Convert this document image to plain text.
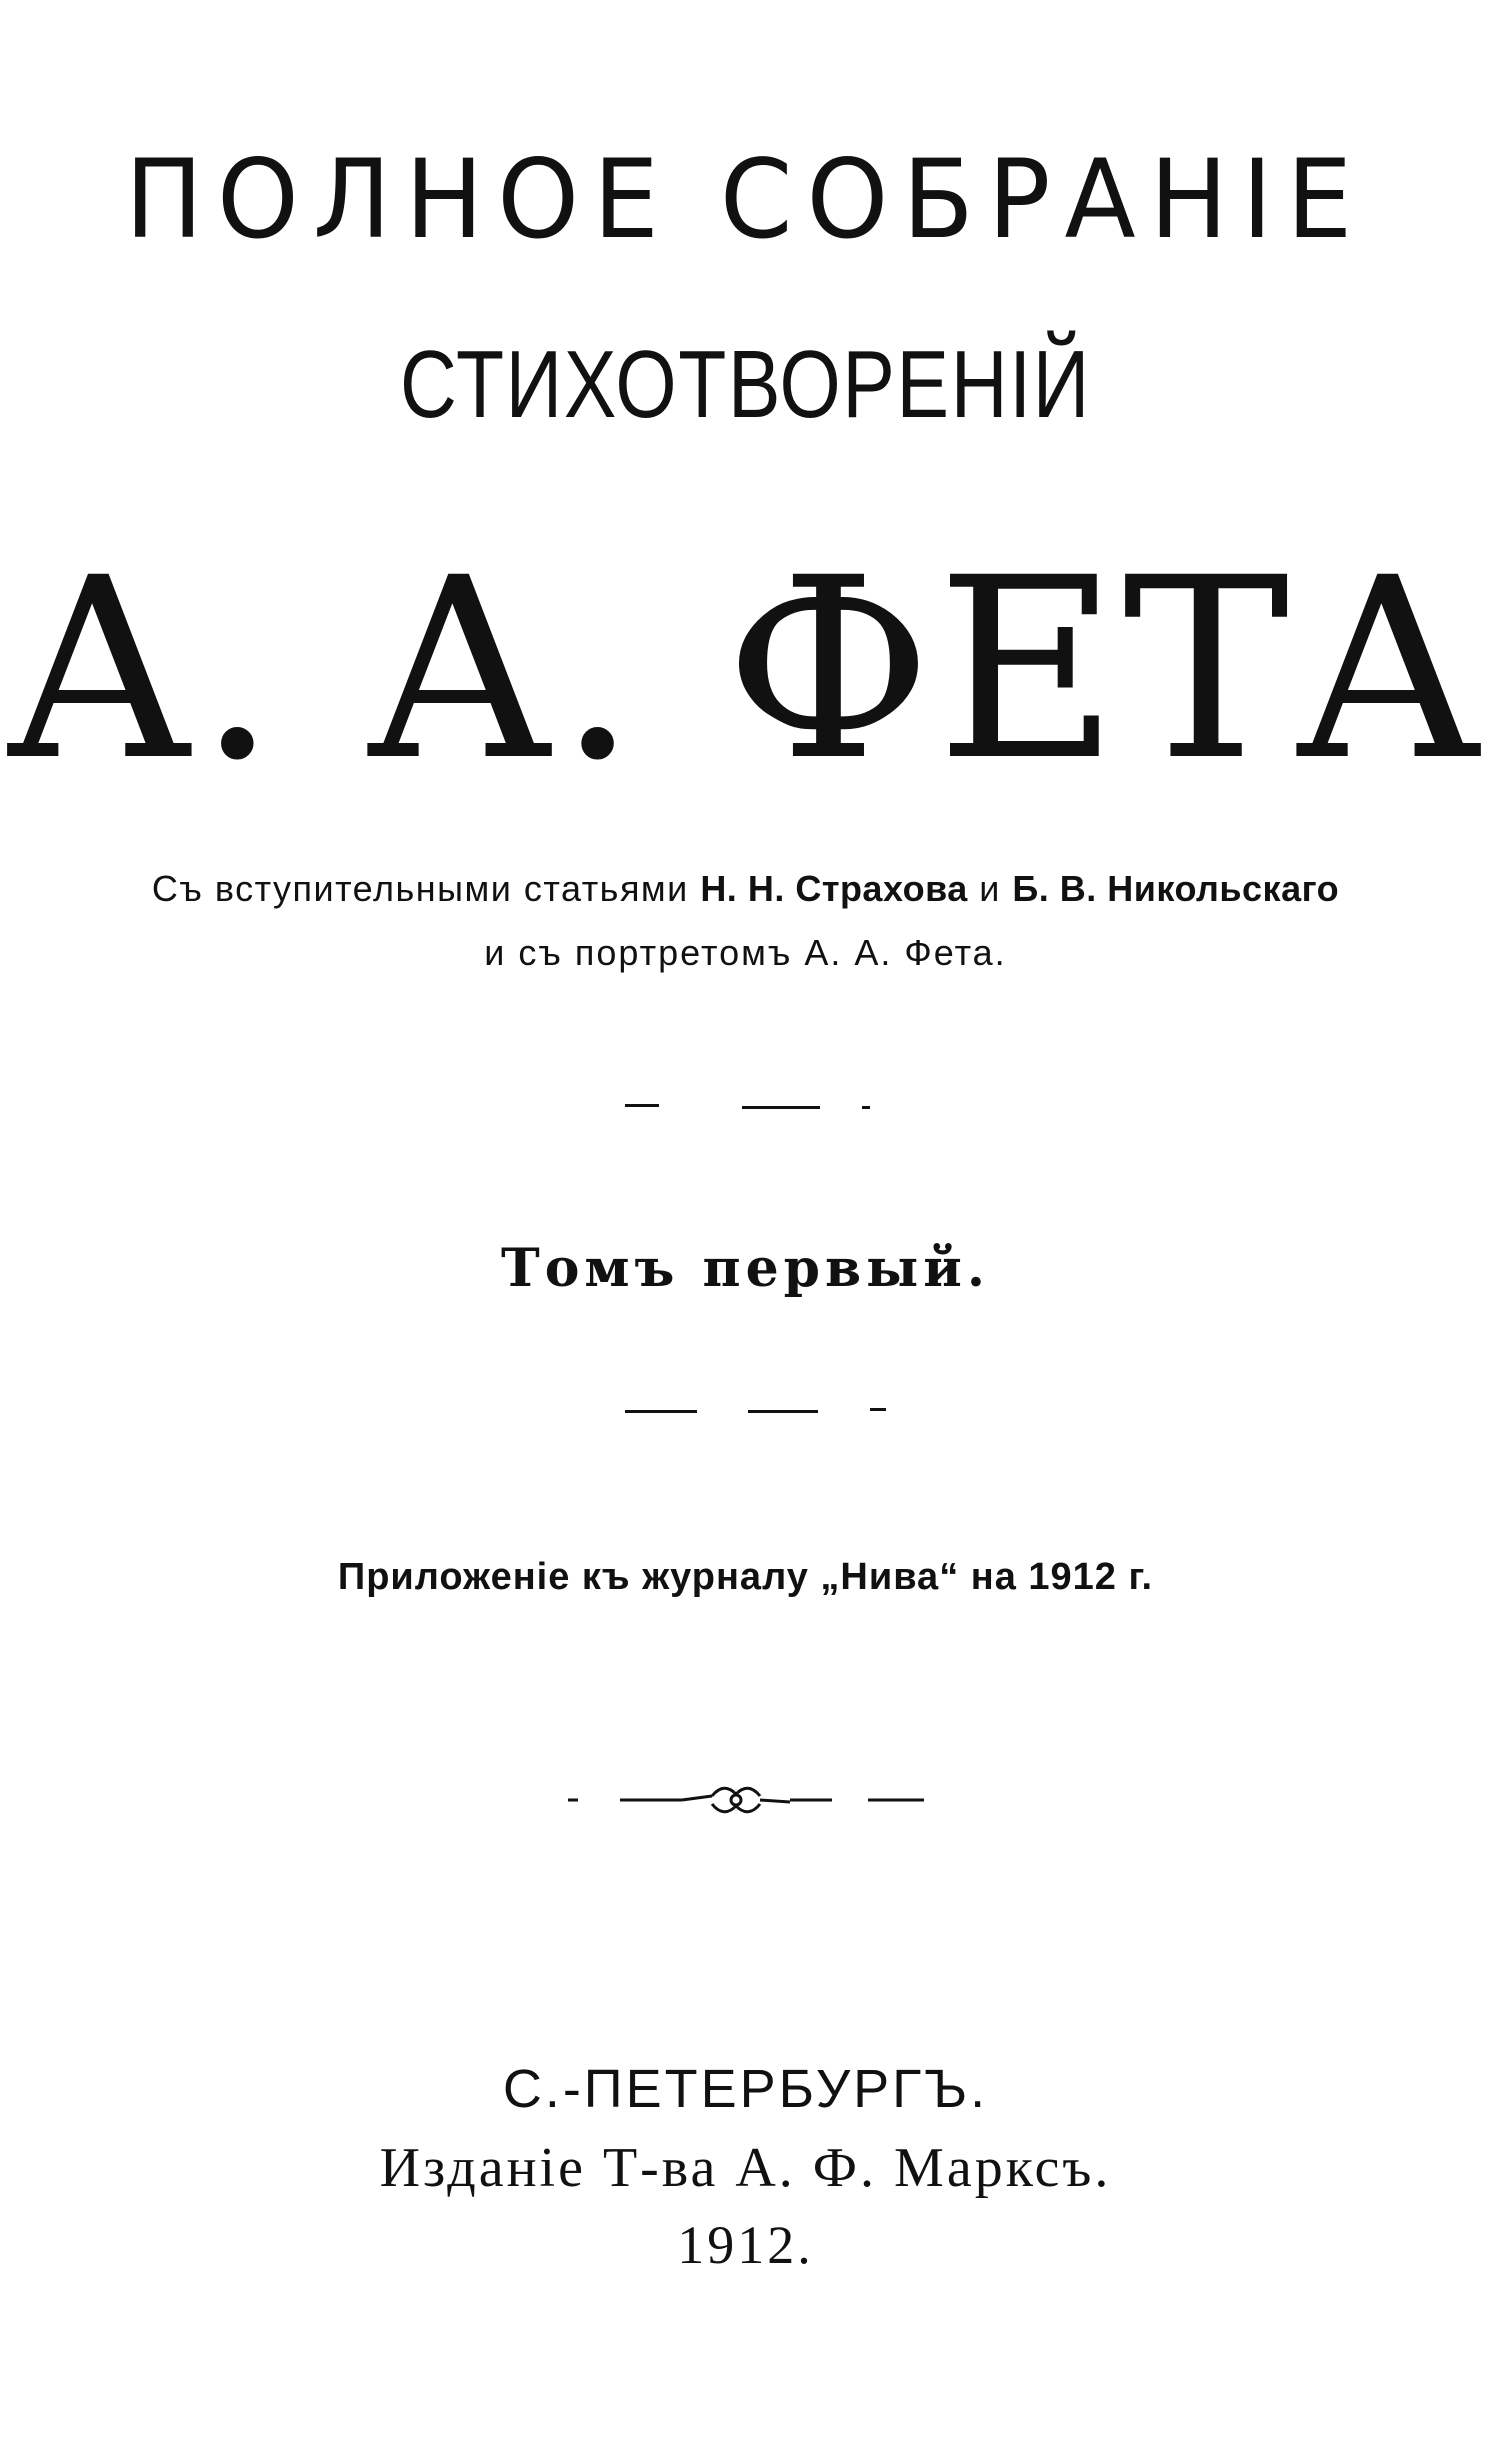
ПОЛНОЕ СОБРАНІЕ
СТИХОТВОРЕНІЙ
А. А. ФЕТА
Съ вступительными статьями Н. Н. Страхова и Б. В. Никольскаго
и съ портретомъ А. А. Фета.
Томъ первый.
Приложеніе къ журналу „Нива“ на 1912 г.
С.-ПЕТЕРБУРГЪ.
Изданіе Т-ва А. Ф. Марксъ.
1912.
